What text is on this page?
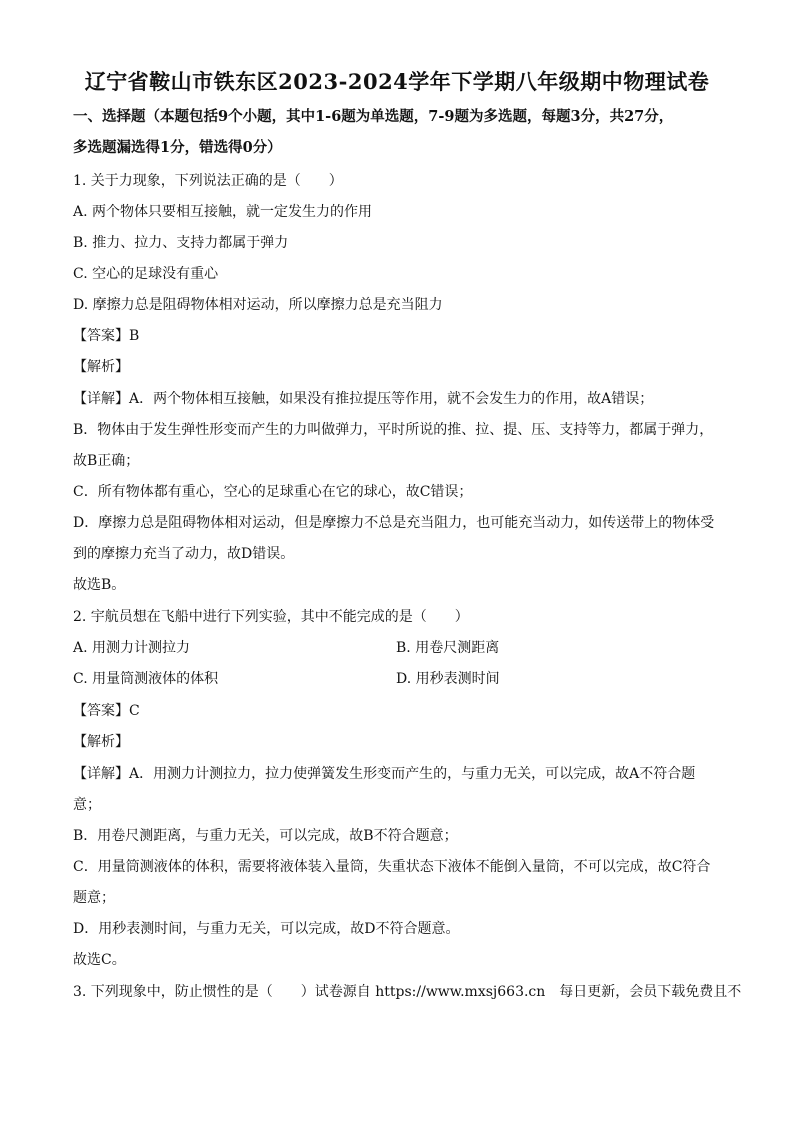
辽宁省鞍山市铁东区2023-2024学年下学期八年级期中物理试卷
一、选择题（本题包括9个小题，其中1-6题为单选题，7-9题为多选题，每题3分，共27分，
多选题漏选得1分，错选得0分）
1. 关于力现象，下列说法正确的是（　　）
A. 两个物体只要相互接触，就一定发生力的作用
B. 推力、拉力、支持力都属于弹力
C. 空心的足球没有重心
D. 摩擦力总是阻碍物体相对运动，所以摩擦力总是充当阻力
【答案】B
【解析】
【详解】A．两个物体相互接触，如果没有推拉提压等作用，就不会发生力的作用，故A错误；
B．物体由于发生弹性形变而产生的力叫做弹力，平时所说的推、拉、提、压、支持等力，都属于弹力，
故B正确；
C．所有物体都有重心，空心的足球重心在它的球心，故C错误；
D．摩擦力总是阻碍物体相对运动，但是摩擦力不总是充当阻力，也可能充当动力，如传送带上的物体受
到的摩擦力充当了动力，故D错误。
故选B。
2. 宇航员想在飞船中进行下列实验，其中不能完成的是（　　）
A. 用测力计测拉力	B. 用卷尺测距离
C. 用量筒测液体的体积	D. 用秒表测时间
【答案】C
【解析】
【详解】A．用测力计测拉力，拉力使弹簧发生形变而产生的，与重力无关，可以完成，故A不符合题
意；
B．用卷尺测距离，与重力无关，可以完成，故B不符合题意；
C．用量筒测液体的体积，需要将液体装入量筒，失重状态下液体不能倒入量筒，不可以完成，故C符合
题意；
D．用秒表测时间，与重力无关，可以完成，故D不符合题意。
故选C。
3. 下列现象中，防止惯性的是（　　）试卷源自 https://www.mxsj663.cn　每日更新，会员下载免费且不
